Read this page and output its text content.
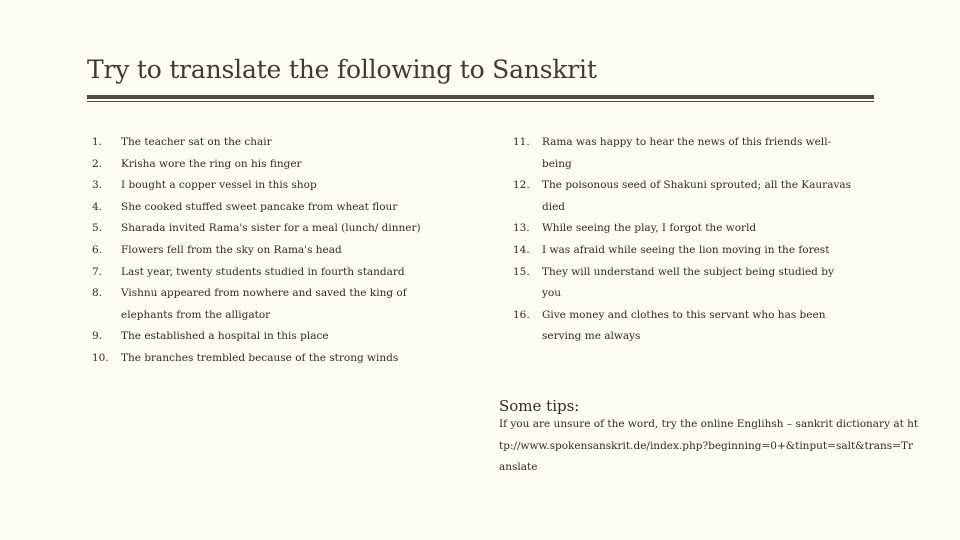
Try to translate the following to Sanskrit
1.	The teacher sat on the chair
2.	Krisha wore the ring on his finger
3.	I bought a copper vessel in this shop
4.	She cooked stuffed sweet pancake from wheat flour
5.	Sharada invited Rama's sister for a meal (lunch/ dinner)
6.	Flowers fell from the sky on Rama's head
7.	Last year, twenty students studied in fourth standard
8.	Vishnu appeared from nowhere and saved the king of elephants from the alligator
9.	The established a hospital in this place
10.	The branches trembled because of the strong winds
11.	Rama was happy to hear the news of this friends well-being
12.	The poisonous seed of Shakuni sprouted; all the Kauravas died
13.	While seeing the play, I forgot the world
14.	I was afraid while seeing the lion moving in the forest
15.	They will understand well the subject being studied by you
16.	Give money and clothes to this servant who has been serving me always
Some tips:
If you are unsure of the word, try the online Englihsh – sankrit dictionary at http://www.spokensanskrit.de/index.php?beginning=0+&tinput=salt&trans=Translate
